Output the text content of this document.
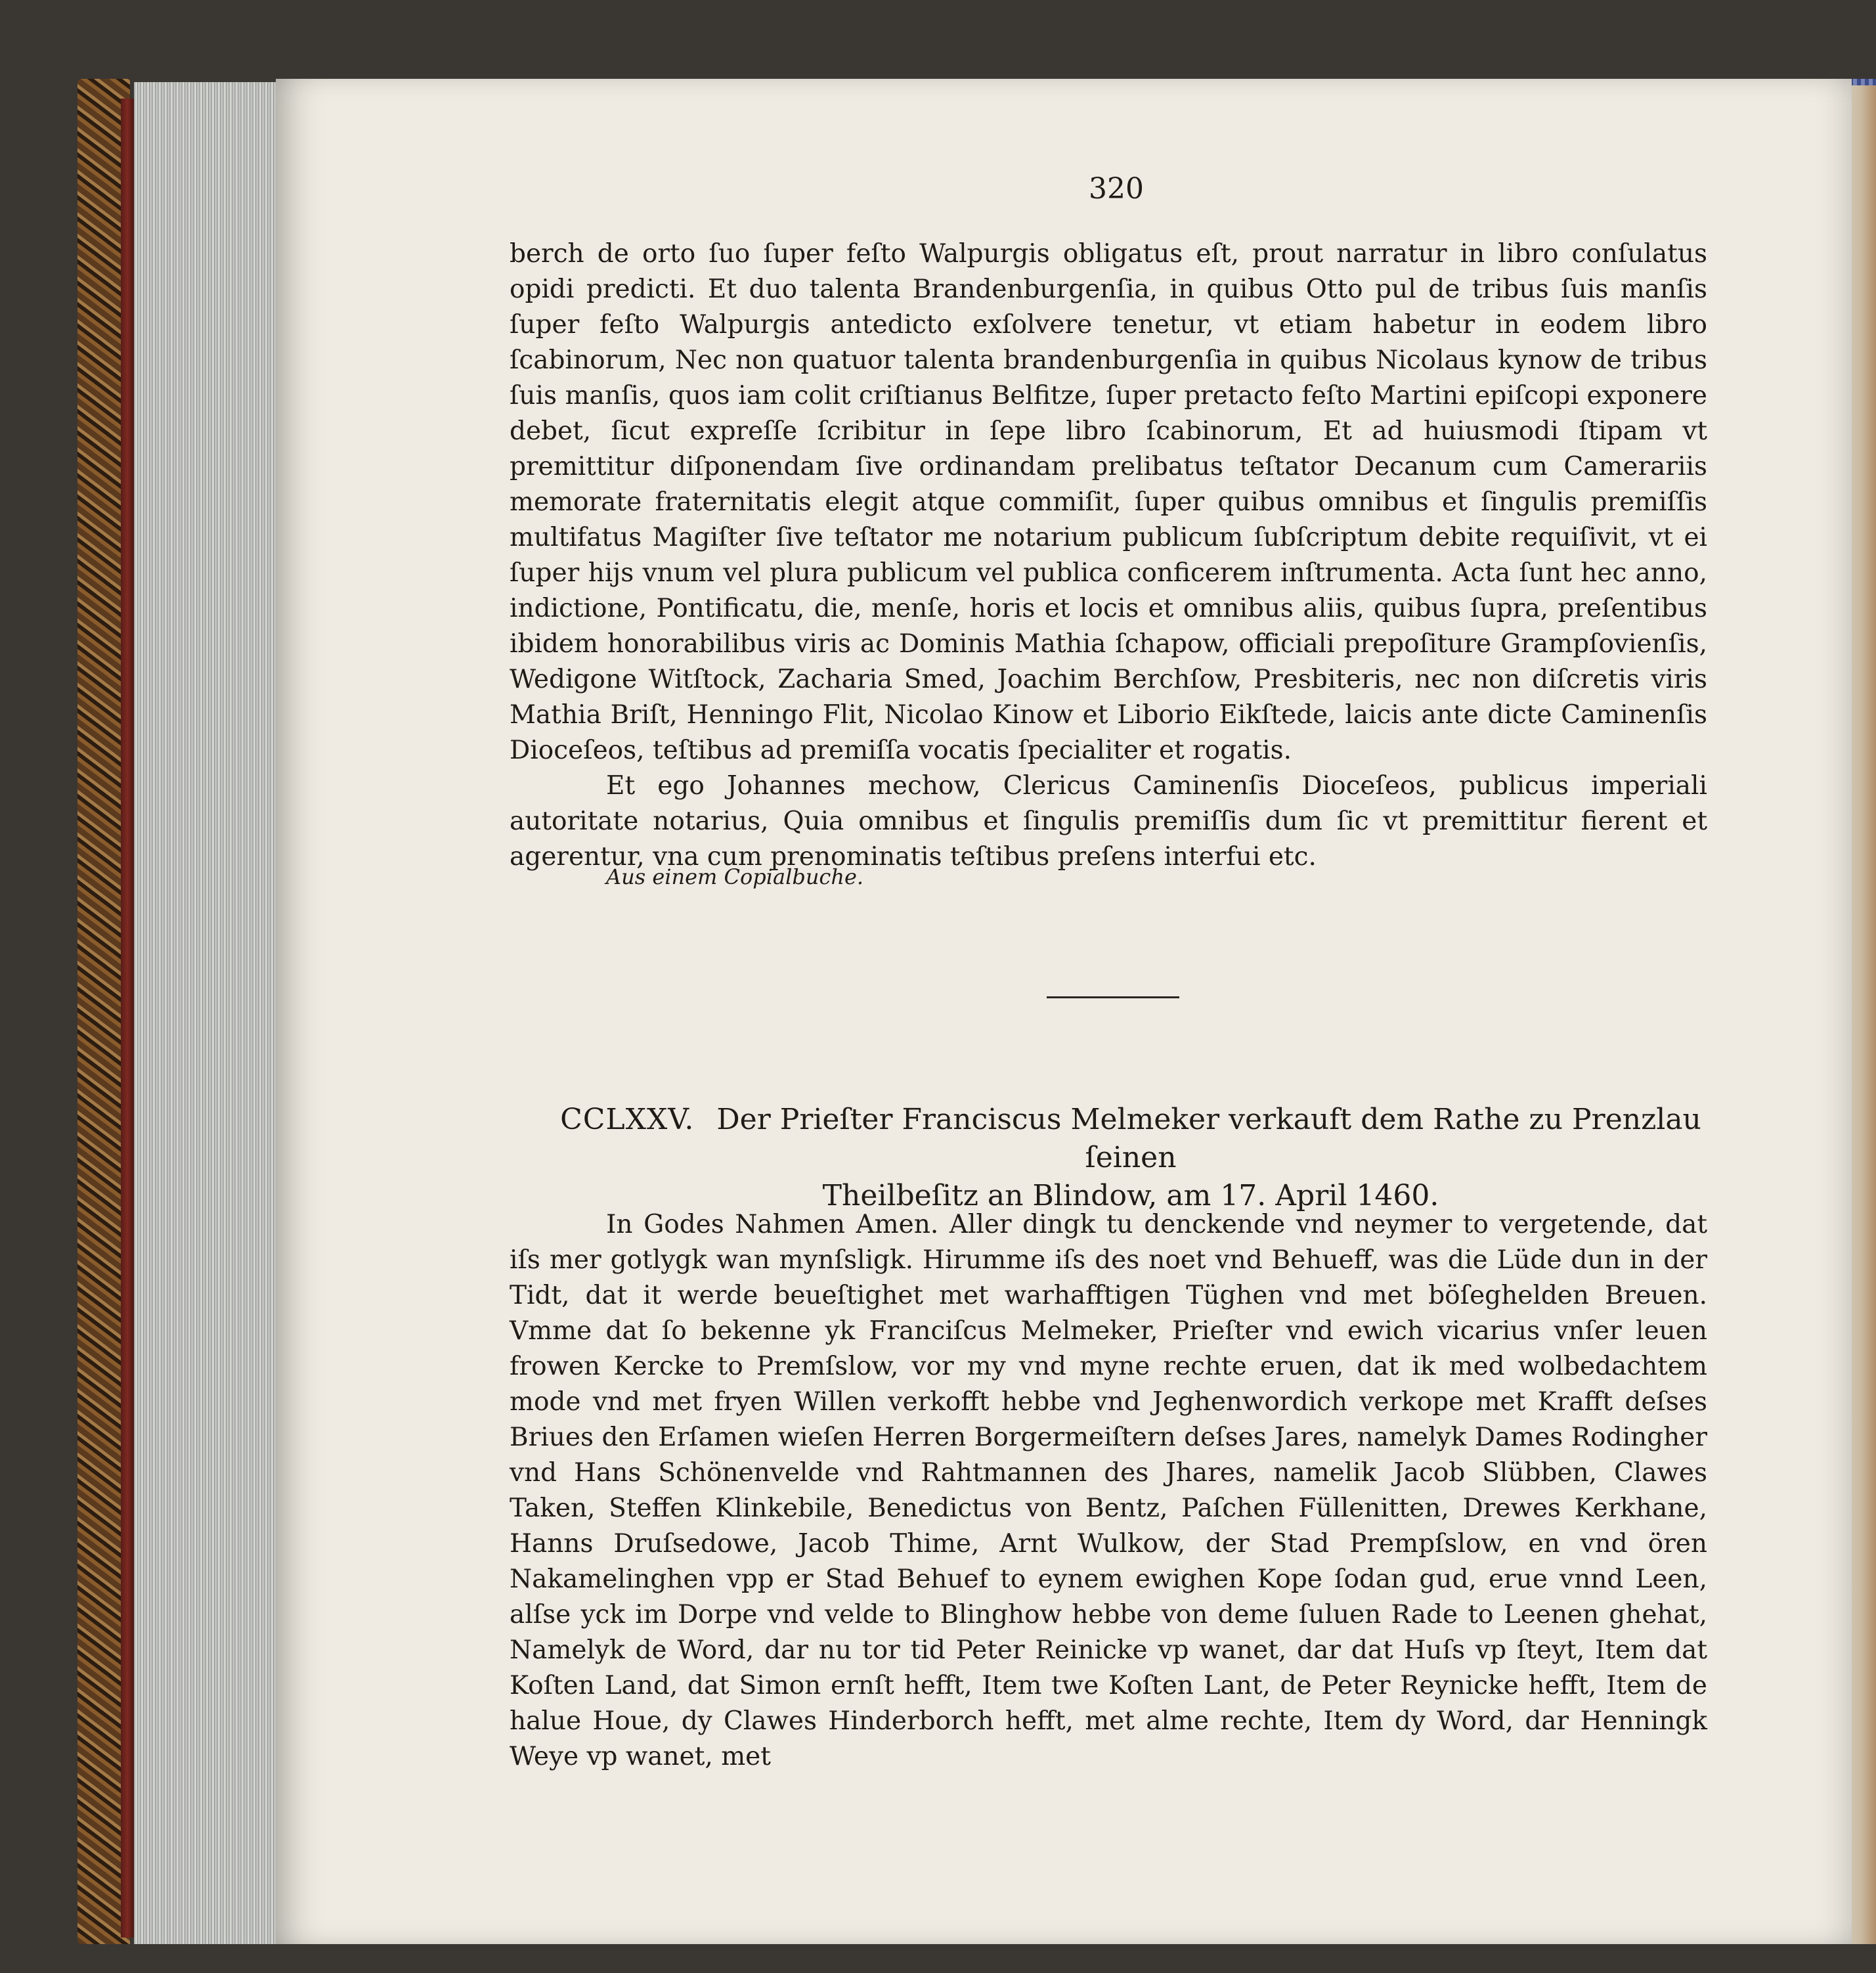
320

berch de orto ſuo ſuper feſto Walpurgis obligatus eſt, prout narratur in libro conſulatus opidi predicti. Et duo talenta Brandenburgenſia, in quibus Otto pul de tribus ſuis manſis ſuper feſto Walpurgis antedicto exſolvere tenetur, vt etiam habetur in eodem libro ſcabinorum, Nec non quatuor talenta brandenburgenſia in quibus Nicolaus kynow de tribus ſuis manſis, quos iam colit criſtianus Belfitze, ſuper pretacto feſto Martini epiſcopi exponere debet, ſicut expreſſe ſcribitur in ſepe libro ſcabinorum, Et ad huiusmodi ſtipam vt premittitur diſponendam ſive ordinandam prelibatus teſtator Decanum cum Camerariis memorate fraternitatis elegit atque commiſit, ſuper quibus omnibus et ſingulis premiſſis multifatus Magiſter ſive teſtator me notarium publicum ſubſcriptum debite requiſivit, vt ei ſuper hijs vnum vel plura publicum vel publica conficerem inſtrumenta. Acta ſunt hec anno, indictione, Pontificatu, die, menſe, horis et locis et omnibus aliis, quibus ſupra, preſentibus ibidem honorabilibus viris ac Dominis Mathia ſchapow, officiali prepoſiture Grampſovienſis, Wedigone Witſtock, Zacharia Smed, Joachim Berchſow, Presbiteris, nec non diſcretis viris Mathia Briſt, Henningo Flit, Nicolao Kinow et Liborio Eikſtede, laicis ante dicte Caminenſis Dioceſeos, teſtibus ad premiſſa vocatis ſpecialiter et rogatis.

Et ego Johannes mechow, Clericus Caminenſis Dioceſeos, publicus imperiali autoritate notarius, Quia omnibus et ſingulis premiſſis dum ſic vt premittitur fierent et agerentur, vna cum prenominatis teſtibus preſens interfui etc.

Aus einem Copialbuche.
CCLXXV. Der Prieſter Franciscus Melmeker verkauft dem Rathe zu Prenzlau ſeinen
Theilbeſitz an Blindow, am 17. April 1460.

In Godes Nahmen Amen. Aller dingk tu denckende vnd neymer to vergetende, dat iſs mer gotlygk wan mynſsligk. Hirumme iſs des noet vnd Behueff, was die Lüde dun in der Tidt, dat it werde beueſtighet met warhafftigen Tüghen vnd met böſeghelden Breuen. Vmme dat ſo bekenne yk Franciſcus Melmeker, Prieſter vnd ewich vicarius vnſer leuen frowen Kercke to Premſslow, vor my vnd myne rechte eruen, dat ik med wolbedachtem mode vnd met fryen Willen verkofft hebbe vnd Jeghenwordich verkope met Krafft deſses Briues den Erſamen wieſen Herren Borgermeiſtern deſses Jares, namelyk Dames Rodingher vnd Hans Schönenvelde vnd Rahtmannen des Jhares, namelik Jacob Slübben, Clawes Taken, Steffen Klinkebile, Benedictus von Bentz, Paſchen Füllenitten, Drewes Kerkhane, Hanns Druſsedowe, Jacob Thime, Arnt Wulkow, der Stad Prempſslow, en vnd ören Nakamelinghen vpp er Stad Behuef to eynem ewighen Kope ſodan gud, erue vnnd Leen, alſse yck im Dorpe vnd velde to Blinghow hebbe von deme ſuluen Rade to Leenen ghehat, Namelyk de Word, dar nu tor tid Peter Reinicke vp wanet, dar dat Huſs vp ſteyt, Item dat Koſten Land, dat Simon ernſt hefft, Item twe Koſten Lant, de Peter Reynicke hefft, Item de halue Houe, dy Clawes Hinderborch hefft, met alme rechte, Item dy Word, dar Henningk Weye vp wanet, met
